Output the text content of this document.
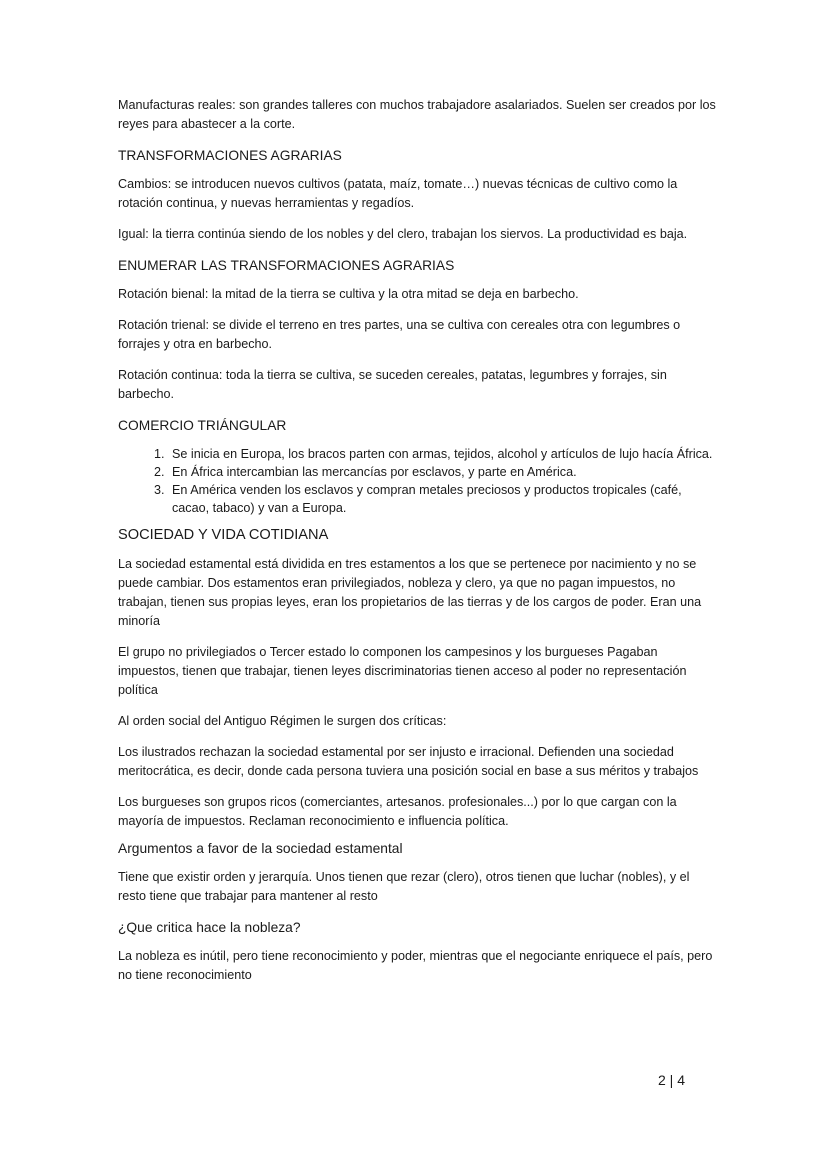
Manufacturas reales: son grandes talleres con muchos trabajadore asalariados. Suelen ser creados por los reyes para abastecer a la corte.

TRANSFORMACIONES AGRARIAS

Cambios: se introducen nuevos cultivos (patata, maíz, tomate…) nuevas técnicas de cultivo como la rotación continua, y nuevas herramientas y regadíos.

Igual: la tierra continúa siendo de los nobles y del clero, trabajan los siervos. La productividad es baja.

ENUMERAR LAS TRANSFORMACIONES AGRARIAS

Rotación bienal: la mitad de la tierra se cultiva y la otra mitad se deja en barbecho.

Rotación trienal: se divide el terreno en tres partes, una se cultiva con cereales otra con legumbres o forrajes y otra en barbecho.

Rotación continua: toda la tierra se cultiva, se suceden cereales, patatas, legumbres y forrajes, sin barbecho.

COMERCIO TRIÁNGULAR
1. Se inicia en Europa, los bracos parten con armas, tejidos, alcohol y artículos de lujo hacía África.
2. En África intercambian las mercancías por esclavos, y parte en América.
3. En América venden los esclavos y compran metales preciosos y productos tropicales (café, cacao, tabaco) y van a Europa.
SOCIEDAD Y VIDA COTIDIANA

La sociedad estamental está dividida en tres estamentos a los que se pertenece por nacimiento y no se puede cambiar. Dos estamentos eran privilegiados, nobleza y clero, ya que no pagan impuestos, no trabajan, tienen sus propias leyes, eran los propietarios de las tierras y de los cargos de poder. Eran una minoría

El grupo no privilegiados o Tercer estado lo componen los campesinos y los burgueses Pagaban impuestos, tienen que trabajar, tienen leyes discriminatorias tienen acceso al poder no representación política

Al orden social del Antiguo Régimen le surgen dos críticas:

Los ilustrados rechazan la sociedad estamental por ser injusto e irracional. Defienden una sociedad meritocrática, es decir, donde cada persona tuviera una posición social en base a sus méritos y trabajos

Los burgueses son grupos ricos (comerciantes, artesanos. profesionales...) por lo que cargan con la mayoría de impuestos. Reclaman reconocimiento e influencia política.

Argumentos a favor de la sociedad estamental

Tiene que existir orden y jerarquía. Unos tienen que rezar (clero), otros tienen que luchar (nobles), y el resto tiene que trabajar para mantener al resto

¿Que critica hace la nobleza?

La nobleza es inútil, pero tiene reconocimiento y poder, mientras que el negociante enriquece el país, pero no tiene reconocimiento

2 | 4
